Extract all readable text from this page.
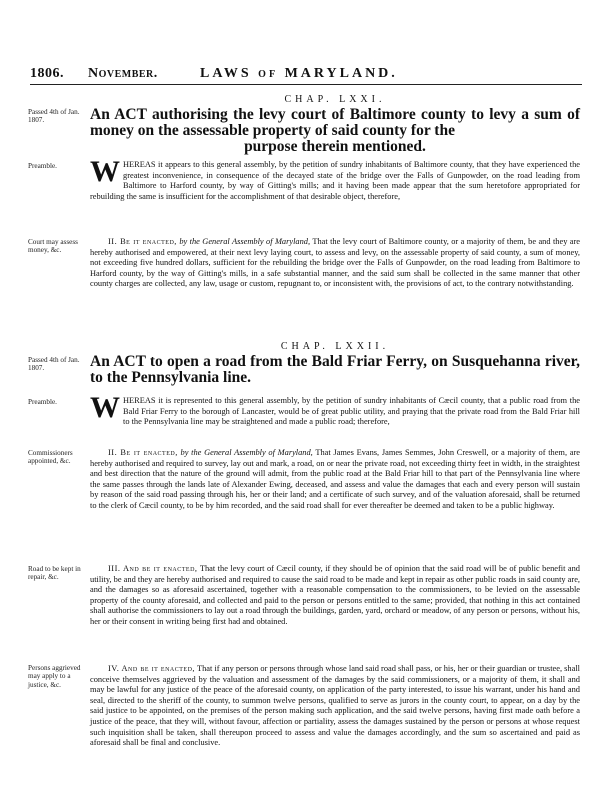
1806. November.	LAWS of MARYLAND.
CHAP. LXXI.
Passed 4th of Jan. 1807.	An ACT authorising the levy court of Baltimore county to levy a sum of money on the assessable property of said county for the
purpose therein mentioned.
Preamble.	WHEREAS it appears to this general assembly, by the petition of sundry inhabitants of Baltimore county, that they have experienced the greatest inconvenience, in consequence of the decayed state of the bridge over the Falls of Gunpowder, on the road leading from Baltimore to Harford county, by way of Gitting's mills; and it having been made appear that the sum heretofore appropriated for rebuilding the same is insufficient for the accomplishment of that desirable object, therefore,
Court may assess money, &c.
II. Be it enacted, by the General Assembly of Maryland, That the levy court of Baltimore county, or a majority of them, be and they are hereby authorised and empowered, at their next levy laying court, to assess and levy, on the assessable property of said county, a sum of money, not exceeding five hundred dollars, sufficient for the rebuilding the bridge over the Falls of Gunpowder, on the road leading from Baltimore to Harford county, by the way of Gitting's mills, in a safe substantial manner, and the said sum shall be collected in the same manner that other county charges are collected, any law, usage or custom, repugnant to, or inconsistent with, the provisions of act, to the contrary notwithstanding.
CHAP. LXXII.
Passed 4th of Jan. 1807.	An ACT to open a road from the Bald Friar Ferry, on Susquehanna river, to the Pennsylvania line.
Preamble.	WHEREAS it is represented to this general assembly, by the petition of sundry inhabitants of Cæcil county, that a public road from the Bald Friar Ferry to the borough of Lancaster, would be of great public utility, and praying that the private road from the Bald Friar hill to the Pennsylvania line may be straightened and made a public road; therefore,
Commissioners appointed, &c.
II. Be it enacted, by the General Assembly of Maryland, That James Evans, James Semmes, John Creswell, or a majority of them, are hereby authorised and required to survey, lay out and mark, a road, on or near the private road, not exceeding thirty feet in width, in the straightest and best direction that the nature of the ground will admit, from the public road at the Bald Friar hill to that part of the Pennsylvania line where the same passes through the lands late of Alexander Ewing, deceased, and assess and value the damages that each and every person will sustain by reason of the said road passing through his, her or their land; and a certificate of such survey, and of the valuation aforesaid, shall be returned to the clerk of Cæcil county, to be by him recorded, and the said road shall for ever thereafter be deemed and taken to be a public highway.
Road to be kept in repair, &c.
III. And be it enacted, That the levy court of Cæcil county, if they should be of opinion that the said road will be of public benefit and utility, be and they are hereby authorised and required to cause the said road to be made and kept in repair as other public roads in said county are, and the damages so as aforesaid ascertained, together with a reasonable compensation to the commissioners, to be levied on the assessable property of the county aforesaid, and collected and paid to the person or persons entitled to the same; provided, that nothing in this act contained shall authorise the commissioners to lay out a road through the buildings, garden, yard, orchard or meadow, of any person or persons, without his, her or their consent in writing being first had and obtained.
Persons aggrieved may apply to a justice, &c.
IV. And be it enacted, That if any person or persons through whose land said road shall pass, or his, her or their guardian or trustee, shall conceive themselves aggrieved by the valuation and assessment of the damages by the said commissioners, or a majority of them, it shall and may be lawful for any justice of the peace of the aforesaid county, on application of the party interested, to issue his warrant, under his hand and seal, directed to the sheriff of the county, to summon twelve persons, qualified to serve as jurors in the county court, to appear, on a day by the said justice to be appointed, on the premises of the person making such application, and the said twelve persons, having first made oath before a justice of the peace, that they will, without favour, affection or partiality, assess the damages sustained by the person or persons at whose request such inquisition shall be taken, shall thereupon proceed to assess and value the damages accordingly, and the sum so ascertained and paid as aforesaid shall be final and conclusive.
